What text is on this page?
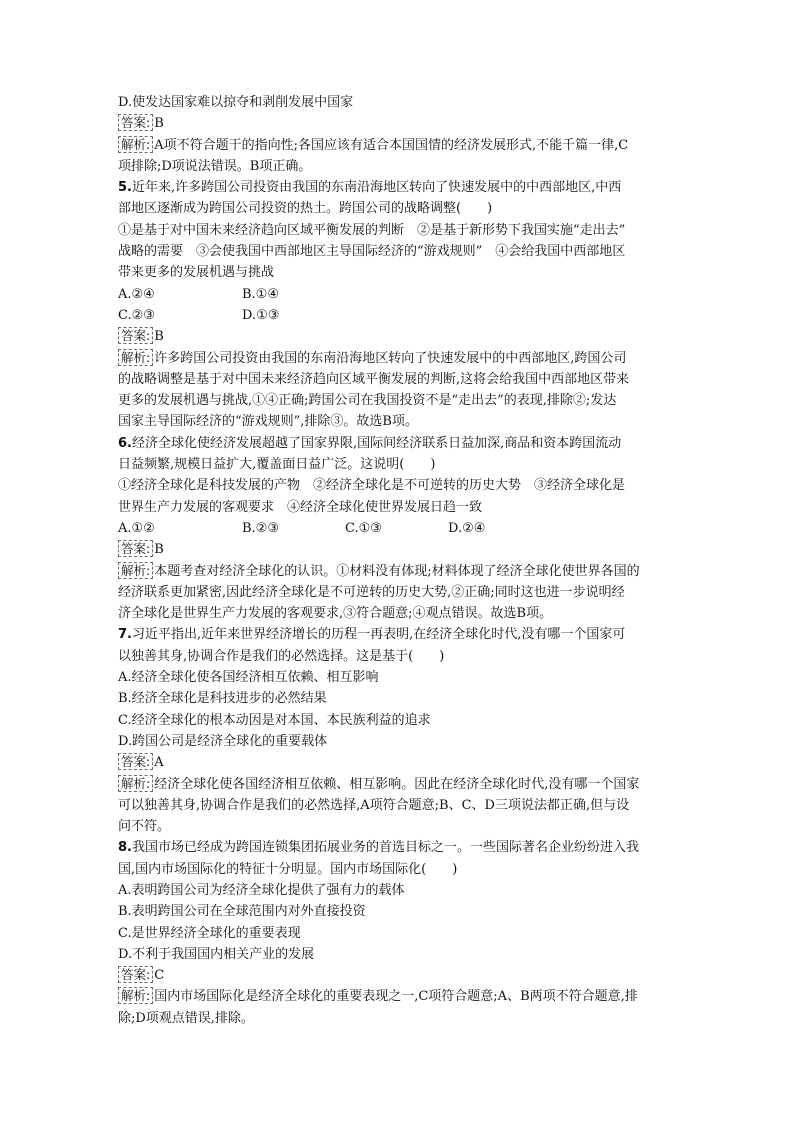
D.使发达国家难以掠夺和剥削发展中国家
答案: B
解析: A项不符合题干的指向性;各国应该有适合本国国情的经济发展形式,不能千篇一律,C
项排除;D项说法错误。B项正确。
5.近年来,许多跨国公司投资由我国的东南沿海地区转向了快速发展中的中西部地区,中西
部地区逐渐成为跨国公司投资的热土。跨国公司的战略调整(　　)
①是基于对中国未来经济趋向区域平衡发展的判断　②是基于新形势下我国实施“走出去”
战略的需要　③会使我国中西部地区主导国际经济的“游戏规则”　④会给我国中西部地区
带来更多的发展机遇与挑战
A.②④	B.①④
C.②③	D.①③
答案: B
解析: 许多跨国公司投资由我国的东南沿海地区转向了快速发展中的中西部地区,跨国公司
的战略调整是基于对中国未来经济趋向区域平衡发展的判断,这将会给我国中西部地区带来
更多的发展机遇与挑战,①④正确;跨国公司在我国投资不是“走出去”的表现,排除②;发达
国家主导国际经济的“游戏规则”,排除③。故选B项。
6.经济全球化使经济发展超越了国家界限,国际间经济联系日益加深,商品和资本跨国流动
日益频繁,规模日益扩大,覆盖面日益广泛。这说明(　　)
①经济全球化是科技发展的产物　②经济全球化是不可逆转的历史大势　③经济全球化是
世界生产力发展的客观要求　④经济全球化使世界发展日趋一致
A.①②	B.②③	C.①③	D.②④
答案: B
解析: 本题考查对经济全球化的认识。①材料没有体现;材料体现了经济全球化使世界各国的
经济联系更加紧密,因此经济全球化是不可逆转的历史大势,②正确;同时这也进一步说明经
济全球化是世界生产力发展的客观要求,③符合题意;④观点错误。故选B项。
7.习近平指出,近年来世界经济增长的历程一再表明,在经济全球化时代,没有哪一个国家可
以独善其身,协调合作是我们的必然选择。这是基于(　　)
A.经济全球化使各国经济相互依赖、相互影响
B.经济全球化是科技进步的必然结果
C.经济全球化的根本动因是对本国、本民族利益的追求
D.跨国公司是经济全球化的重要载体
答案: A
解析: 经济全球化使各国经济相互依赖、相互影响。因此在经济全球化时代,没有哪一个国家
可以独善其身,协调合作是我们的必然选择,A项符合题意;B、C、D三项说法都正确,但与设
问不符。
8.我国市场已经成为跨国连锁集团拓展业务的首选目标之一。一些国际著名企业纷纷进入我
国,国内市场国际化的特征十分明显。国内市场国际化(　　)
A.表明跨国公司为经济全球化提供了强有力的载体
B.表明跨国公司在全球范围内对外直接投资
C.是世界经济全球化的重要表现
D.不利于我国国内相关产业的发展
答案: C
解析: 国内市场国际化是经济全球化的重要表现之一,C项符合题意;A、B两项不符合题意,排
除;D项观点错误,排除。
